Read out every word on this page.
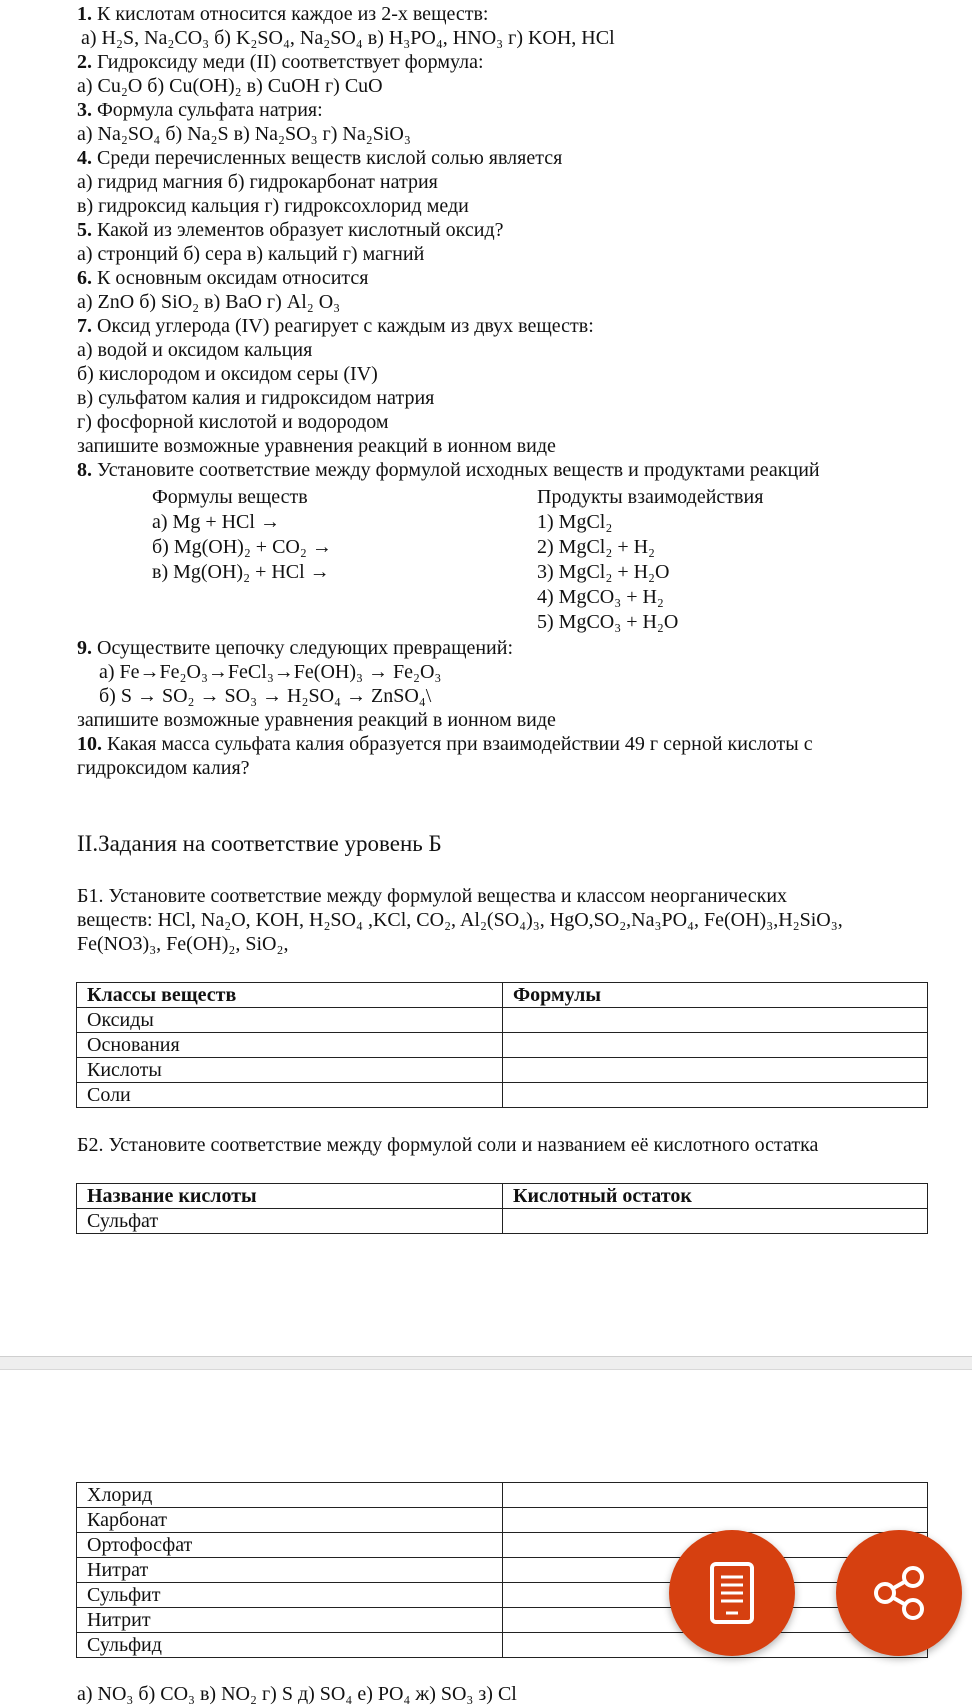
1. К кислотам относится каждое из 2-х веществ:
а) H₂S, Na₂CO₃ б) K₂SO₄, Na₂SO₄ в) H₃PO₄, HNO₃ г) KOH, HCl
2. Гидроксиду меди (II) соответствует формула:
а) Cu₂O б) Cu(OH)₂ в) CuOH г) CuO
3. Формула сульфата натрия:
а) Na₂SO₄ б) Na₂S в) Na₂SO₃ г) Na₂SiO₃
4. Среди перечисленных веществ кислой солью является
а) гидрид магния б) гидрокарбонат натрия
в) гидроксид кальция г) гидроксохлорид меди
5. Какой из элементов образует кислотный оксид?
а) стронций б) сера в) кальций г) магний
6. К основным оксидам относится
а) ZnO б) SiO₂ в) BaO г) Al₂ O₃
7. Оксид углерода (IV) реагирует с каждым из двух веществ:
а) водой и оксидом кальция
б) кислородом и оксидом серы (IV)
в) сульфатом калия и гидроксидом натрия
г) фосфорной кислотой и водородом
запишите возможные уравнения реакций в ионном виде
8. Установите соответствие между формулой исходных веществ и продуктами реакций
Формулы веществ
а) Mg + HCl →
б) Mg(OH)₂ + CO₂ →
в) Mg(OH)₂ + HCl →
Продукты взаимодействия
1) MgCl₂
2) MgCl₂ + H₂
3) MgCl₂ + H₂O
4) MgCO₃ + H₂
5) MgCO₃ + H₂O
9. Осуществите цепочку следующих превращений:
а) Fe→Fe₂O₃→FeCl₃→Fe(OH)₃ → Fe₂O₃
б) S → SO₂ → SO₃ → H₂SO₄ → ZnSO₄\
запишите возможные уравнения реакций в ионном виде
10. Какая масса сульфата калия образуется при взаимодействии 49 г серной кислоты с
гидроксидом калия?
II.Задания на соответствие уровень Б
Б1. Установите соответствие между формулой вещества и классом неорганических
веществ: HCl, Na₂O, KOH, H₂SO₄ ,KCl, CO₂, Al₂(SO₄)₃, HgO,SO₂,Na₃PO₄, Fe(OH)₃,H₂SiO₃,
Fe(NO3)₃, Fe(OH)₂, SiO₂,
Классы веществ	Формулы
Оксиды	
Основания	
Кислоты	
Соли	
Б2. Установите соответствие между формулой соли и названием её кислотного остатка
Название кислоты	Кислотный остаток
Сульфат	
Хлорид	
Карбонат	
Ортофосфат	
Нитрат	
Сульфит	
Нитрит	
Сульфид	
а) NO₃ б) CO₃ в) NO₂ г) S д) SO₄ е) PO₄ ж) SO₃ з) Cl
